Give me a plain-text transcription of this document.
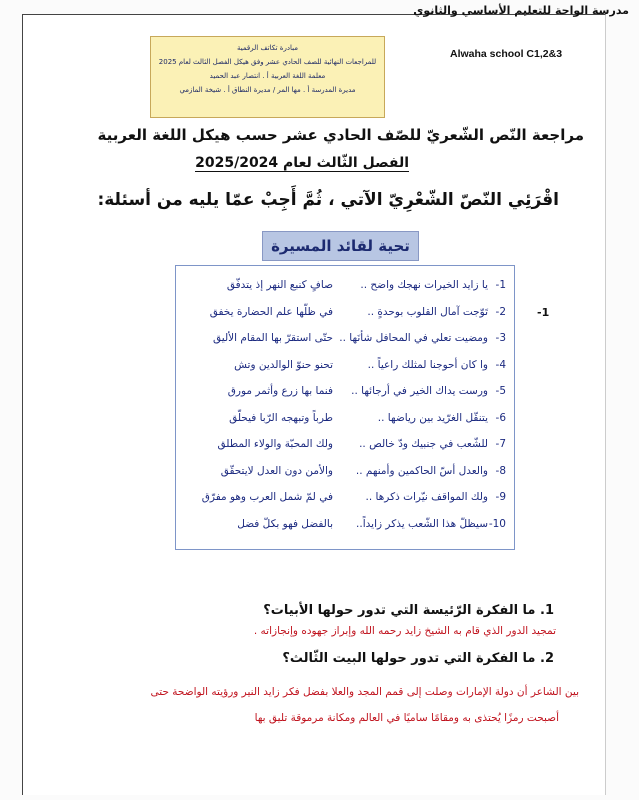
مدرسة الواحة للتعليم الأساسي والثانوي
Alwaha school C1,2&3
مبادرة تكاتف الرقمية
للمراجعات النهائية للصف الحادي عشر وفق هيكل الفصل الثالث لعام 2025
معلمة اللغة العربية أ . انتصار عبد الحميد
مديرة المدرسة أ . مها المر / مديرة النطاق أ . شيخة المازمي
مراجعة النّص الشّعريّ للصّف الحادي عشر حسب هيكل اللغة العربية
الفصل الثّالث لعام 2025/2024
اقْرَئِي النّصّ الشّعْرِيّ الآتي ، ثُمَّ أَجِبْ عمّا يليه من أسئلة:
تحية لقائد المسيرة
1-
1-
يا زايد الخيرات نهجك واضح ..
صافٍ كنبع النهر إذ يتدفّق
2-
تَوّجت آمال القلوب بوحدةٍ ..
في ظلّها علم الحضارة يخفق
3-
ومضيت تعلي في المحافل شأنَها ..
حتّى استقرّ بها المقام الأليق
4-
وا كان أحوجنا لمثلك راعياً ..
تحنو حنوّ الوالدين وتش
5-
ورست يداك الخير في أرجائها ..
فنما بها زرع وأثمر مورق
6-
يتنقّل الغرّيد بين رياضها ..
طرباً وتبهجه الرّبا فيحلّق
7-
للشّعب في جنبيك ودّ خالص ..
ولك المحبّة والولاء المطلق
8-
والعدل أسّ الحاكمين وأمنهم ..
والأمن دون العدل لايتحقّق
9-
ولك المواقف نيّرات ذكرها ..
في لمّ شمل العرب وهو مفرّق
10-
سيظلّ هذا الشّعب يذكر زايداً..
بالفضل فهو بكلّ فضل
1. ما الفكرة الرّئيسة التي تدور حولها الأبيات؟
تمجيد الدور الذي قام به الشيخ زايد رحمه الله وإبراز جهوده وإنجازاته .
2. ما الفكرة التي تدور حولها البيت الثّالث؟
بين الشاعر أن دولة الإمارات وصلت إلى قمم المجد والعلا بفضل فكر زايد النير ورؤيته الواضحة حتى
أصبحت رمزًا يُحتذى به ومقامًا ساميًا في العالم ومكانة مرموقة تليق بها
